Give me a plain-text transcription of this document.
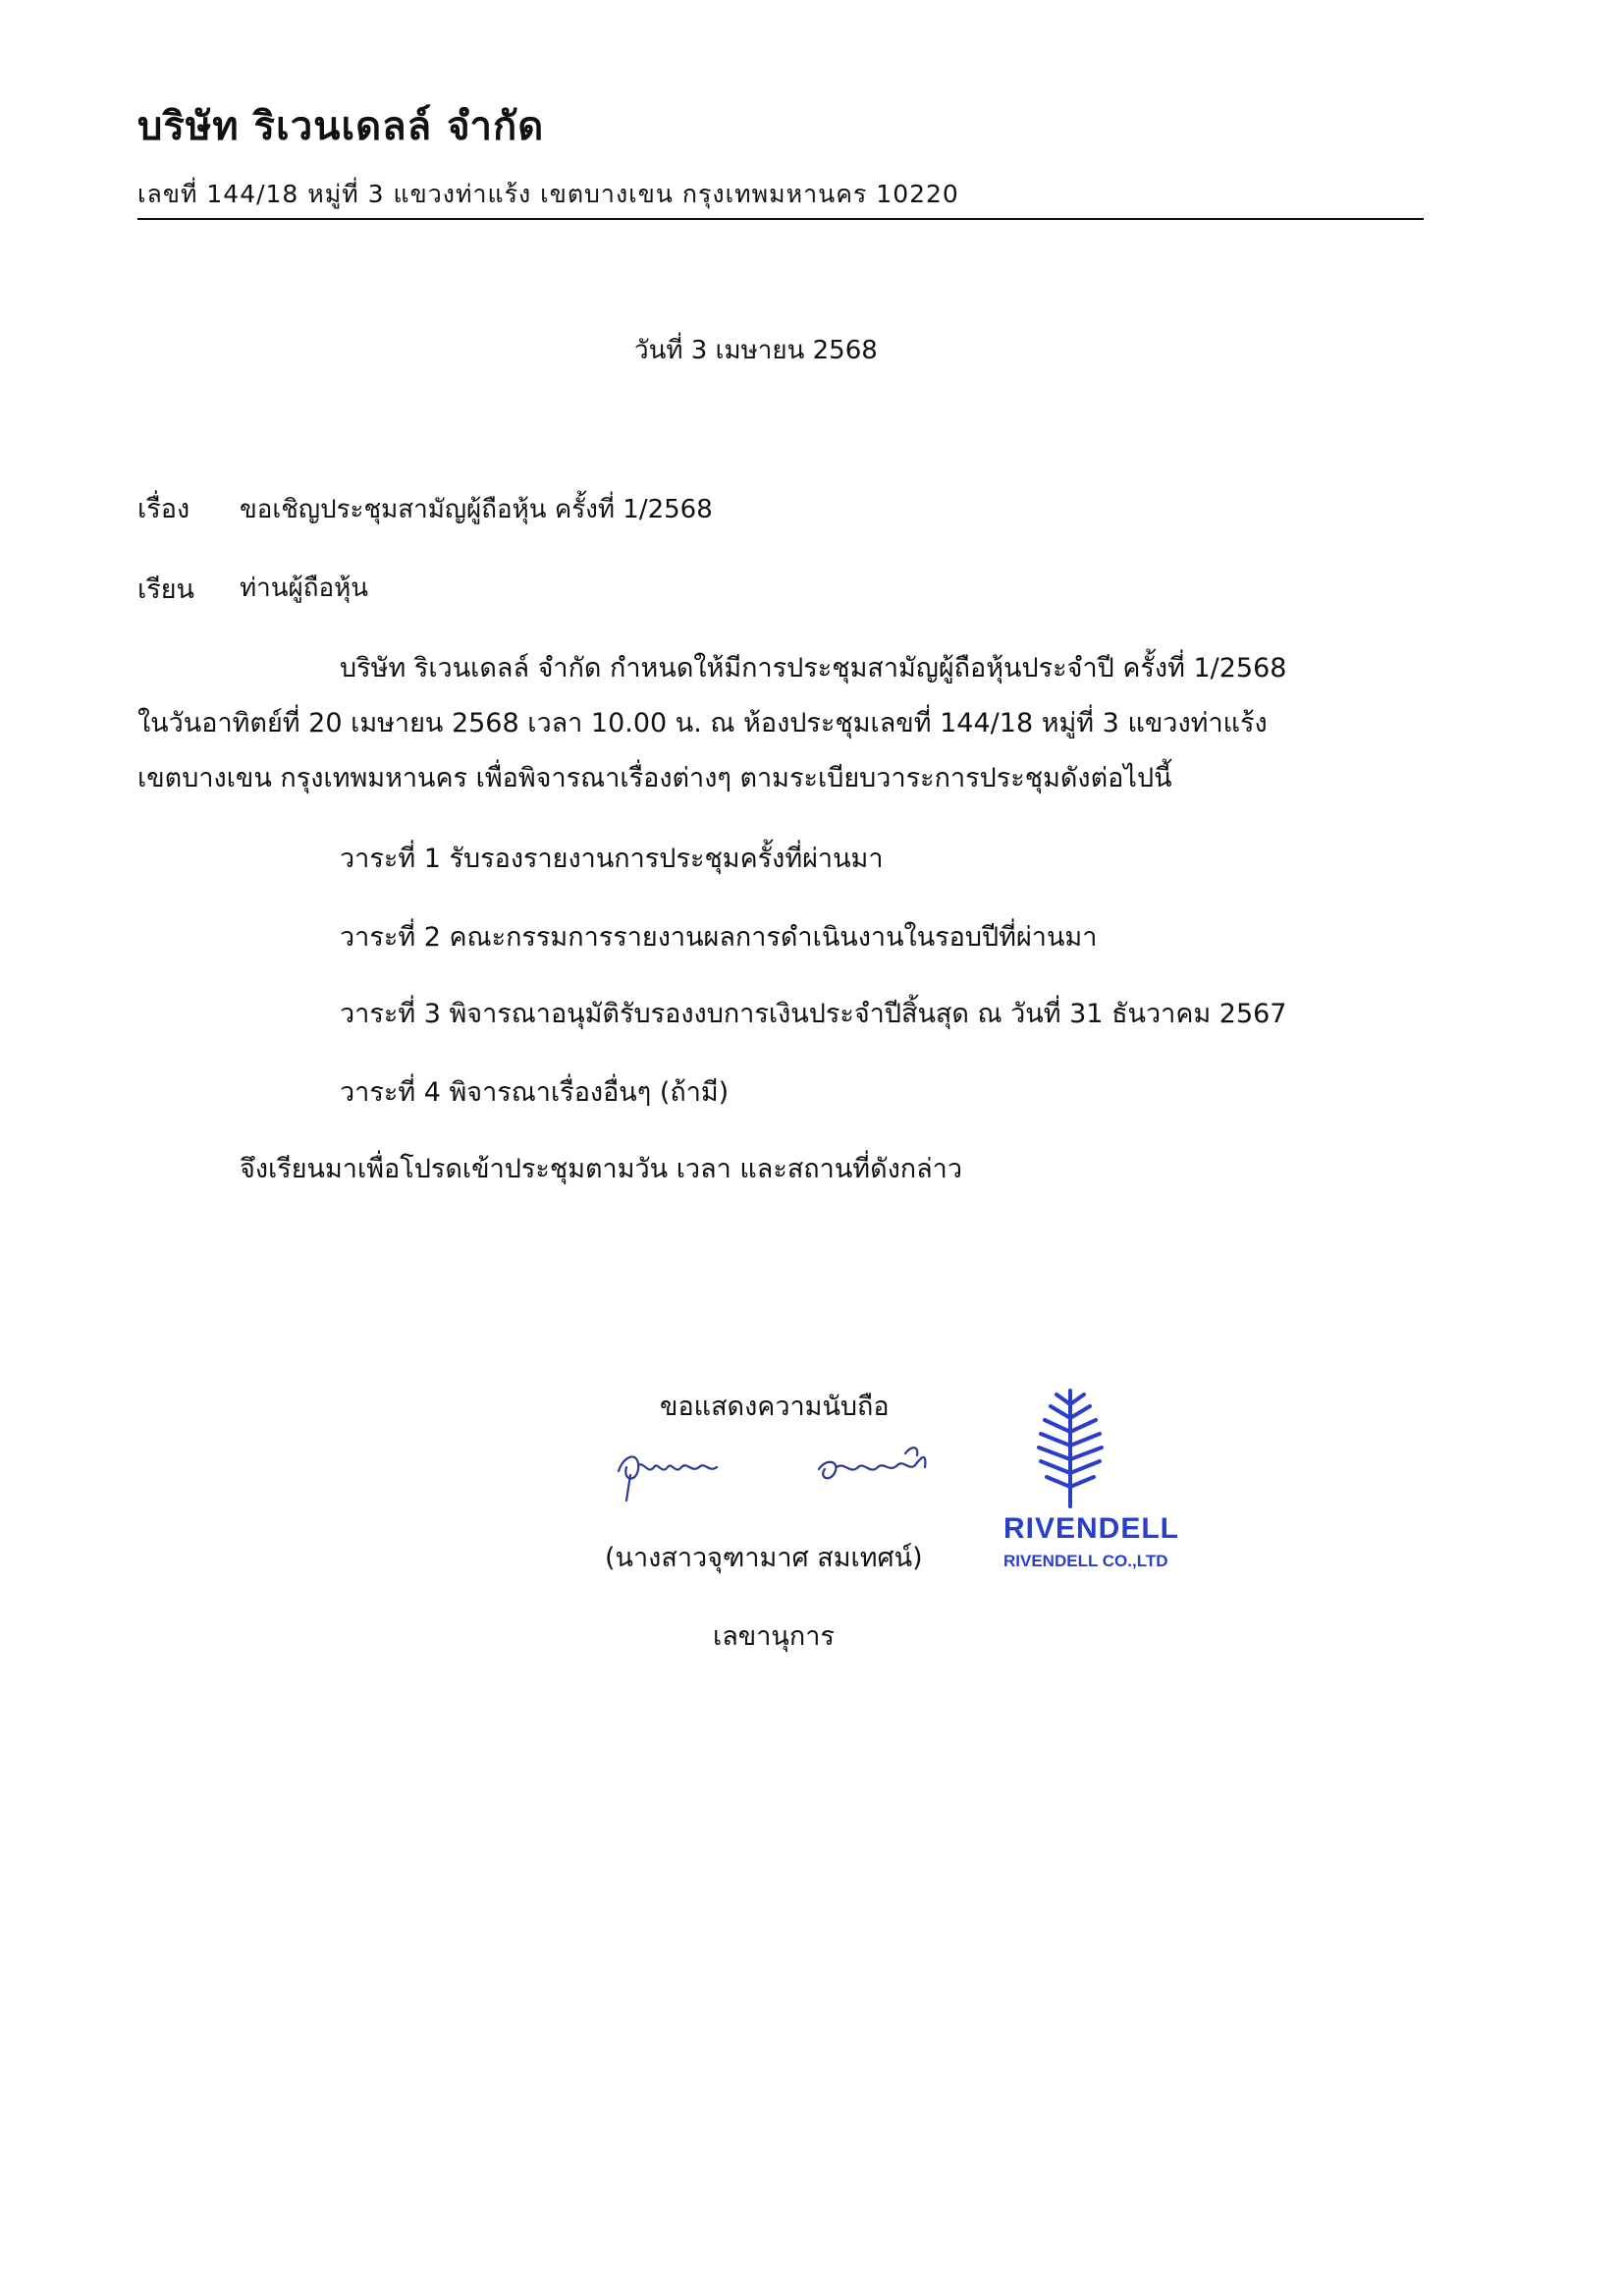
บริษัท ริเวนเดลล์ จำกัด
เลขที่ 144/18 หมู่ที่ 3 แขวงท่าแร้ง เขตบางเขน กรุงเทพมหานคร 10220
วันที่ 3 เมษายน 2568
เรื่อง ขอเชิญประชุมสามัญผู้ถือหุ้น ครั้งที่ 1/2568
เรียน ท่านผู้ถือหุ้น
บริษัท ริเวนเดลล์ จำกัด กำหนดให้มีการประชุมสามัญผู้ถือหุ้นประจำปี ครั้งที่ 1/2568
ในวันอาทิตย์ที่ 20 เมษายน 2568 เวลา 10.00 น. ณ ห้องประชุมเลขที่ 144/18 หมู่ที่ 3 แขวงท่าแร้ง
เขตบางเขน กรุงเทพมหานคร เพื่อพิจารณาเรื่องต่างๆ ตามระเบียบวาระการประชุมดังต่อไปนี้
วาระที่ 1 รับรองรายงานการประชุมครั้งที่ผ่านมา
วาระที่ 2 คณะกรรมการรายงานผลการดำเนินงานในรอบปีที่ผ่านมา
วาระที่ 3 พิจารณาอนุมัติรับรองงบการเงินประจำปีสิ้นสุด ณ วันที่ 31 ธันวาคม 2567
วาระที่ 4 พิจารณาเรื่องอื่นๆ (ถ้ามี)
จึงเรียนมาเพื่อโปรดเข้าประชุมตามวัน เวลา และสถานที่ดังกล่าว
ขอแสดงความนับถือ
(นางสาวจุฑามาศ สมเทศน์)
เลขานุการ
RIVENDELL
RIVENDELL CO.,LTD
